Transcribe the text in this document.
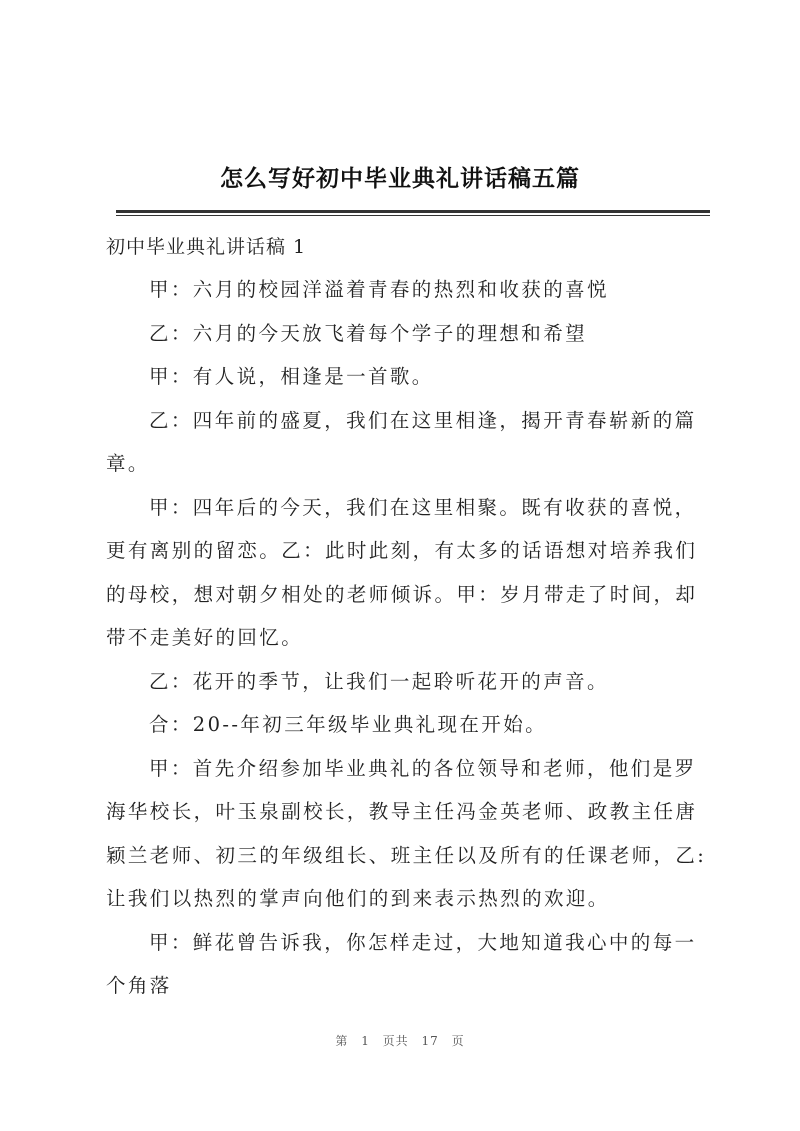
怎么写好初中毕业典礼讲话稿五篇
初中毕业典礼讲话稿 1

甲：六月的校园洋溢着青春的热烈和收获的喜悦

乙：六月的今天放飞着每个学子的理想和希望

甲：有人说，相逢是一首歌。

乙：四年前的盛夏，我们在这里相逢，揭开青春崭新的篇章。

甲：四年后的今天，我们在这里相聚。既有收获的喜悦，更有离别的留恋。乙：此时此刻，有太多的话语想对培养我们的母校，想对朝夕相处的老师倾诉。甲：岁月带走了时间，却带不走美好的回忆。

乙：花开的季节，让我们一起聆听花开的声音。

合：20--年初三年级毕业典礼现在开始。

甲：首先介绍参加毕业典礼的各位领导和老师，他们是罗海华校长，叶玉泉副校长，教导主任冯金英老师、政教主任唐颖兰老师、初三的年级组长、班主任以及所有的任课老师，乙:让我们以热烈的掌声向他们的到来表示热烈的欢迎。

甲：鲜花曾告诉我，你怎样走过，大地知道我心中的每一个角落

第 1 页共 17 页
